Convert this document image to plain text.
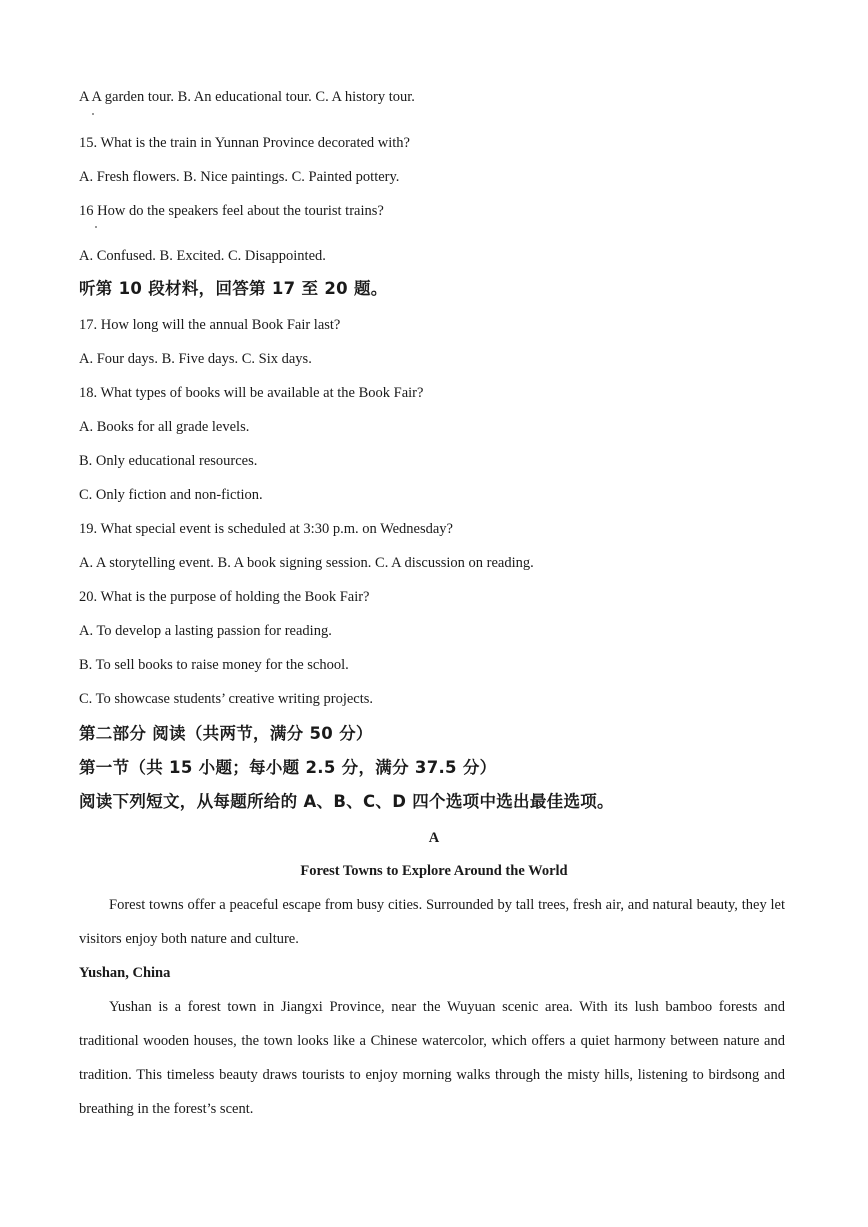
A A garden tour. B. An educational tour. C. A history tour.
15. What is the train in Yunnan Province decorated with?
A. Fresh flowers. B. Nice paintings. C. Painted pottery.
16 How do the speakers feel about the tourist trains?
A. Confused. B. Excited. C. Disappointed.
听第 10 段材料，回答第 17 至 20 题。
17. How long will the annual Book Fair last?
A. Four days. B. Five days. C. Six days.
18. What types of books will be available at the Book Fair?
A. Books for all grade levels.
B. Only educational resources.
C. Only fiction and non-fiction.
19. What special event is scheduled at 3:30 p.m. on Wednesday?
A. A storytelling event. B. A book signing session. C. A discussion on reading.
20. What is the purpose of holding the Book Fair?
A. To develop a lasting passion for reading.
B. To sell books to raise money for the school.
C. To showcase students’ creative writing projects.
第二部分 阅读（共两节，满分 50 分）
第一节（共 15 小题；每小题 2.5 分，满分 37.5 分）
阅读下列短文，从每题所给的 A、B、C、D 四个选项中选出最佳选项。
A
Forest Towns to Explore Around the World
Forest towns offer a peaceful escape from busy cities. Surrounded by tall trees, fresh air, and natural beauty, they let visitors enjoy both nature and culture.
Yushan, China
Yushan is a forest town in Jiangxi Province, near the Wuyuan scenic area. With its lush bamboo forests and traditional wooden houses, the town looks like a Chinese watercolor, which offers a quiet harmony between nature and tradition. This timeless beauty draws tourists to enjoy morning walks through the misty hills, listening to birdsong and breathing in the forest’s scent.
